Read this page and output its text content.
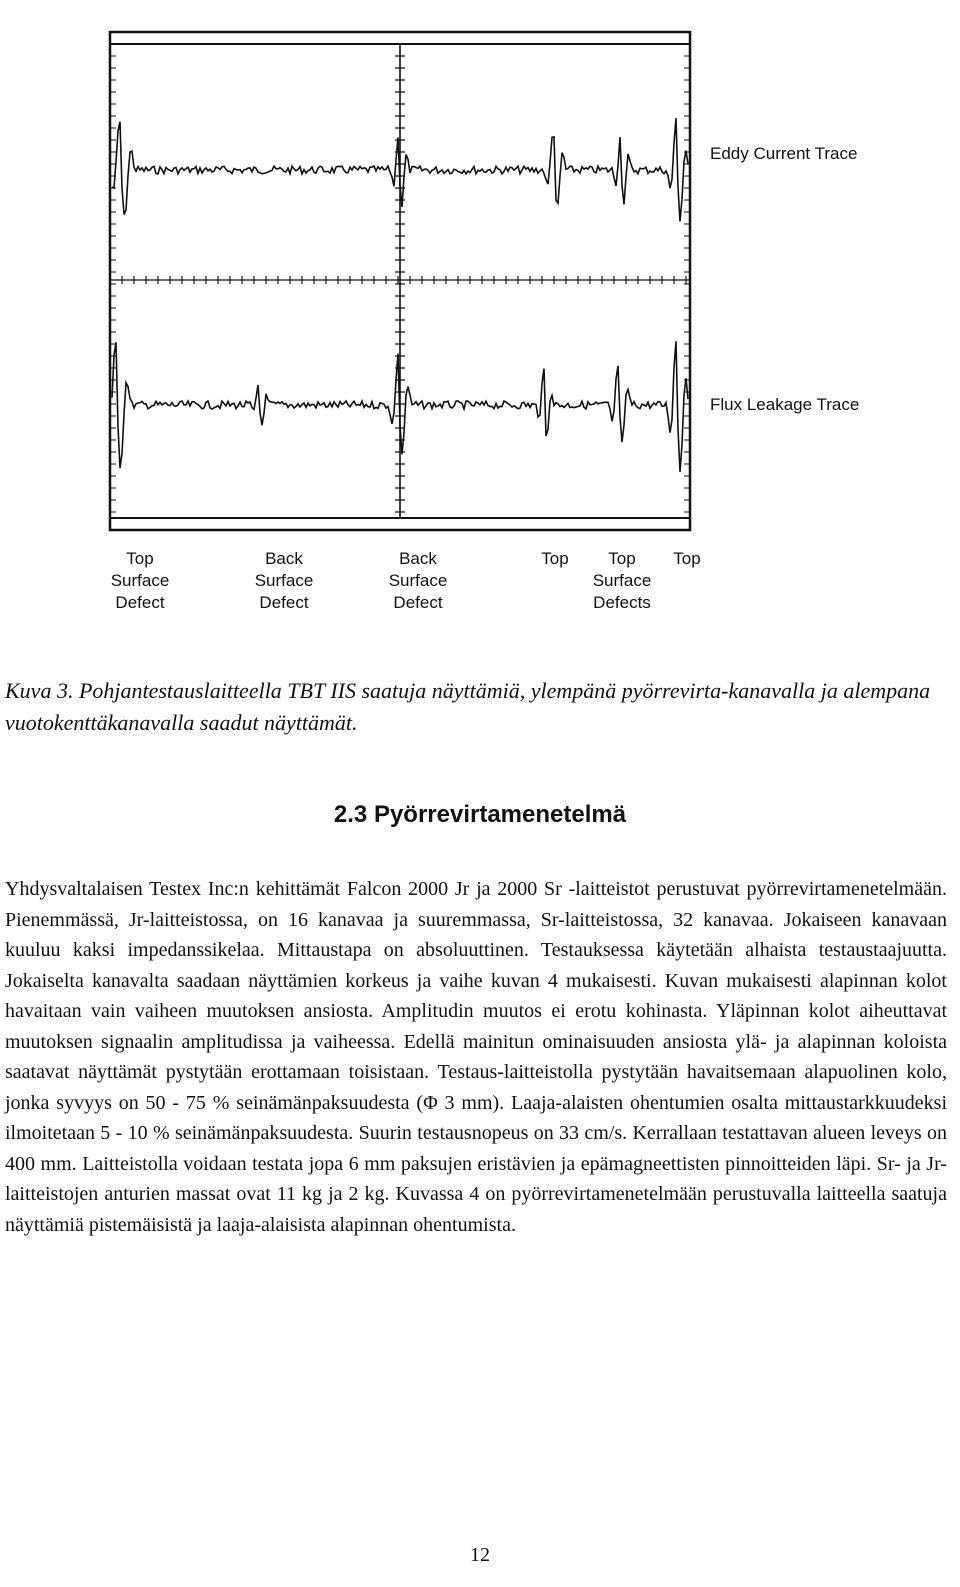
Eddy Current Trace
Flux Leakage Trace
Top
Surface
Defect
Back
Surface
Defect
Back
Surface
Defect
Top Top
Surface
Defects
Top
Kuva 3. Pohjantestauslaitteella TBT IIS saatuja näyttämiä, ylempänä pyörrevirta-kanavalla ja alempana vuotokenttäkanavalla saadut näyttämät.
2.3 Pyörrevirtamenetelmä
Yhdysvaltalaisen Testex Inc:n kehittämät Falcon 2000 Jr ja 2000 Sr -laitteistot perustuvat pyörrevirtamenetelmään. Pienemmässä, Jr-laitteistossa, on 16 kanavaa ja suuremmassa, Sr-laitteistossa, 32 kanavaa. Jokaiseen kanavaan kuuluu kaksi impedanssikelaa. Mittaustapa on absoluuttinen. Testauksessa käytetään alhaista testaustaajuutta. Jokaiselta kanavalta saadaan näyttämien korkeus ja vaihe kuvan 4 mukaisesti. Kuvan mukaisesti alapinnan kolot havaitaan vain vaiheen muutoksen ansiosta. Amplitudin muutos ei erotu kohinasta. Yläpinnan kolot aiheuttavat muutoksen signaalin amplitudissa ja vaiheessa. Edellä mainitun ominaisuuden ansiosta ylä- ja alapinnan koloista saatavat näyttämät pystytään erottamaan toisistaan. Testaus-laitteistolla pystytään havaitsemaan alapuolinen kolo, jonka syvyys on 50 - 75 % seinämänpaksuudesta (Φ 3 mm). Laaja-alaisten ohentumien osalta mittaustarkkuudeksi ilmoitetaan 5 - 10 % seinämänpaksuudesta. Suurin testausnopeus on 33 cm/s. Kerrallaan testattavan alueen leveys on 400 mm. Laitteistolla voidaan testata jopa 6 mm paksujen eristävien ja epämagneettisten pinnoitteiden läpi. Sr- ja Jr-laitteistojen anturien massat ovat 11 kg ja 2 kg. Kuvassa 4 on pyörrevirtamenetelmään perustuvalla laitteella saatuja näyttämiä pistemäisistä ja laaja-alaisista alapinnan ohentumista.
12
